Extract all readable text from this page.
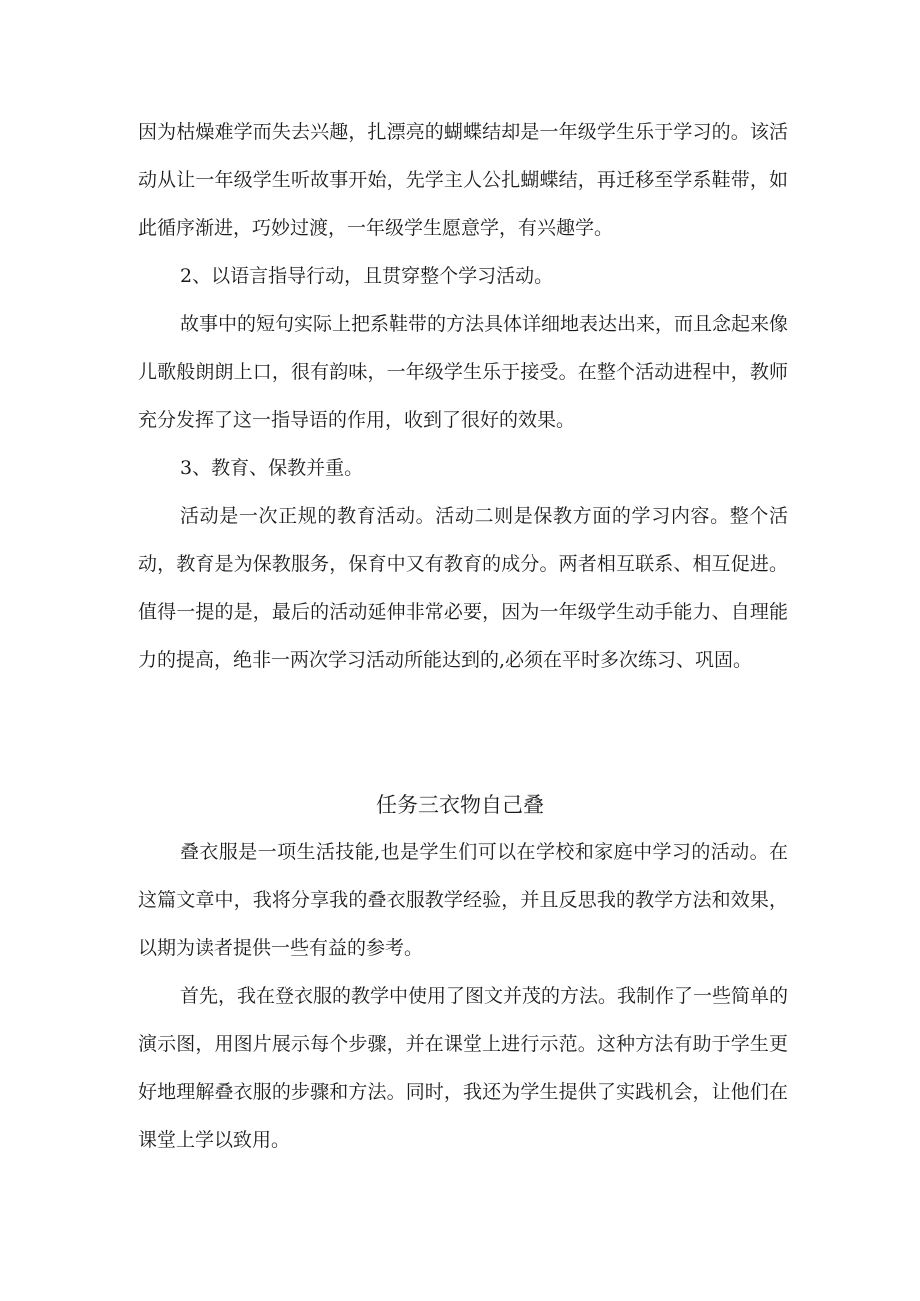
因为枯燥难学而失去兴趣，扎漂亮的蝴蝶结却是一年级学生乐于学习的。该活动从让一年级学生听故事开始，先学主人公扎蝴蝶结，再迁移至学系鞋带，如此循序渐进，巧妙过渡，一年级学生愿意学，有兴趣学。

2、以语言指导行动，且贯穿整个学习活动。

故事中的短句实际上把系鞋带的方法具体详细地表达出来，而且念起来像儿歌般朗朗上口，很有韵味，一年级学生乐于接受。在整个活动进程中，教师充分发挥了这一指导语的作用，收到了很好的效果。

3、教育、保教并重。

活动是一次正规的教育活动。活动二则是保教方面的学习内容。整个活动，教育是为保教服务，保育中又有教育的成分。两者相互联系、相互促进。值得一提的是，最后的活动延伸非常必要，因为一年级学生动手能力、自理能力的提高，绝非一两次学习活动所能达到的,必须在平时多次练习、巩固。

任务三衣物自己叠

叠衣服是一项生活技能,也是学生们可以在学校和家庭中学习的活动。在这篇文章中，我将分享我的叠衣服教学经验，并且反思我的教学方法和效果，以期为读者提供一些有益的参考。

首先，我在登衣服的教学中使用了图文并茂的方法。我制作了一些简单的演示图，用图片展示每个步骤，并在课堂上进行示范。这种方法有助于学生更好地理解叠衣服的步骤和方法。同时，我还为学生提供了实践机会，让他们在课堂上学以致用。
